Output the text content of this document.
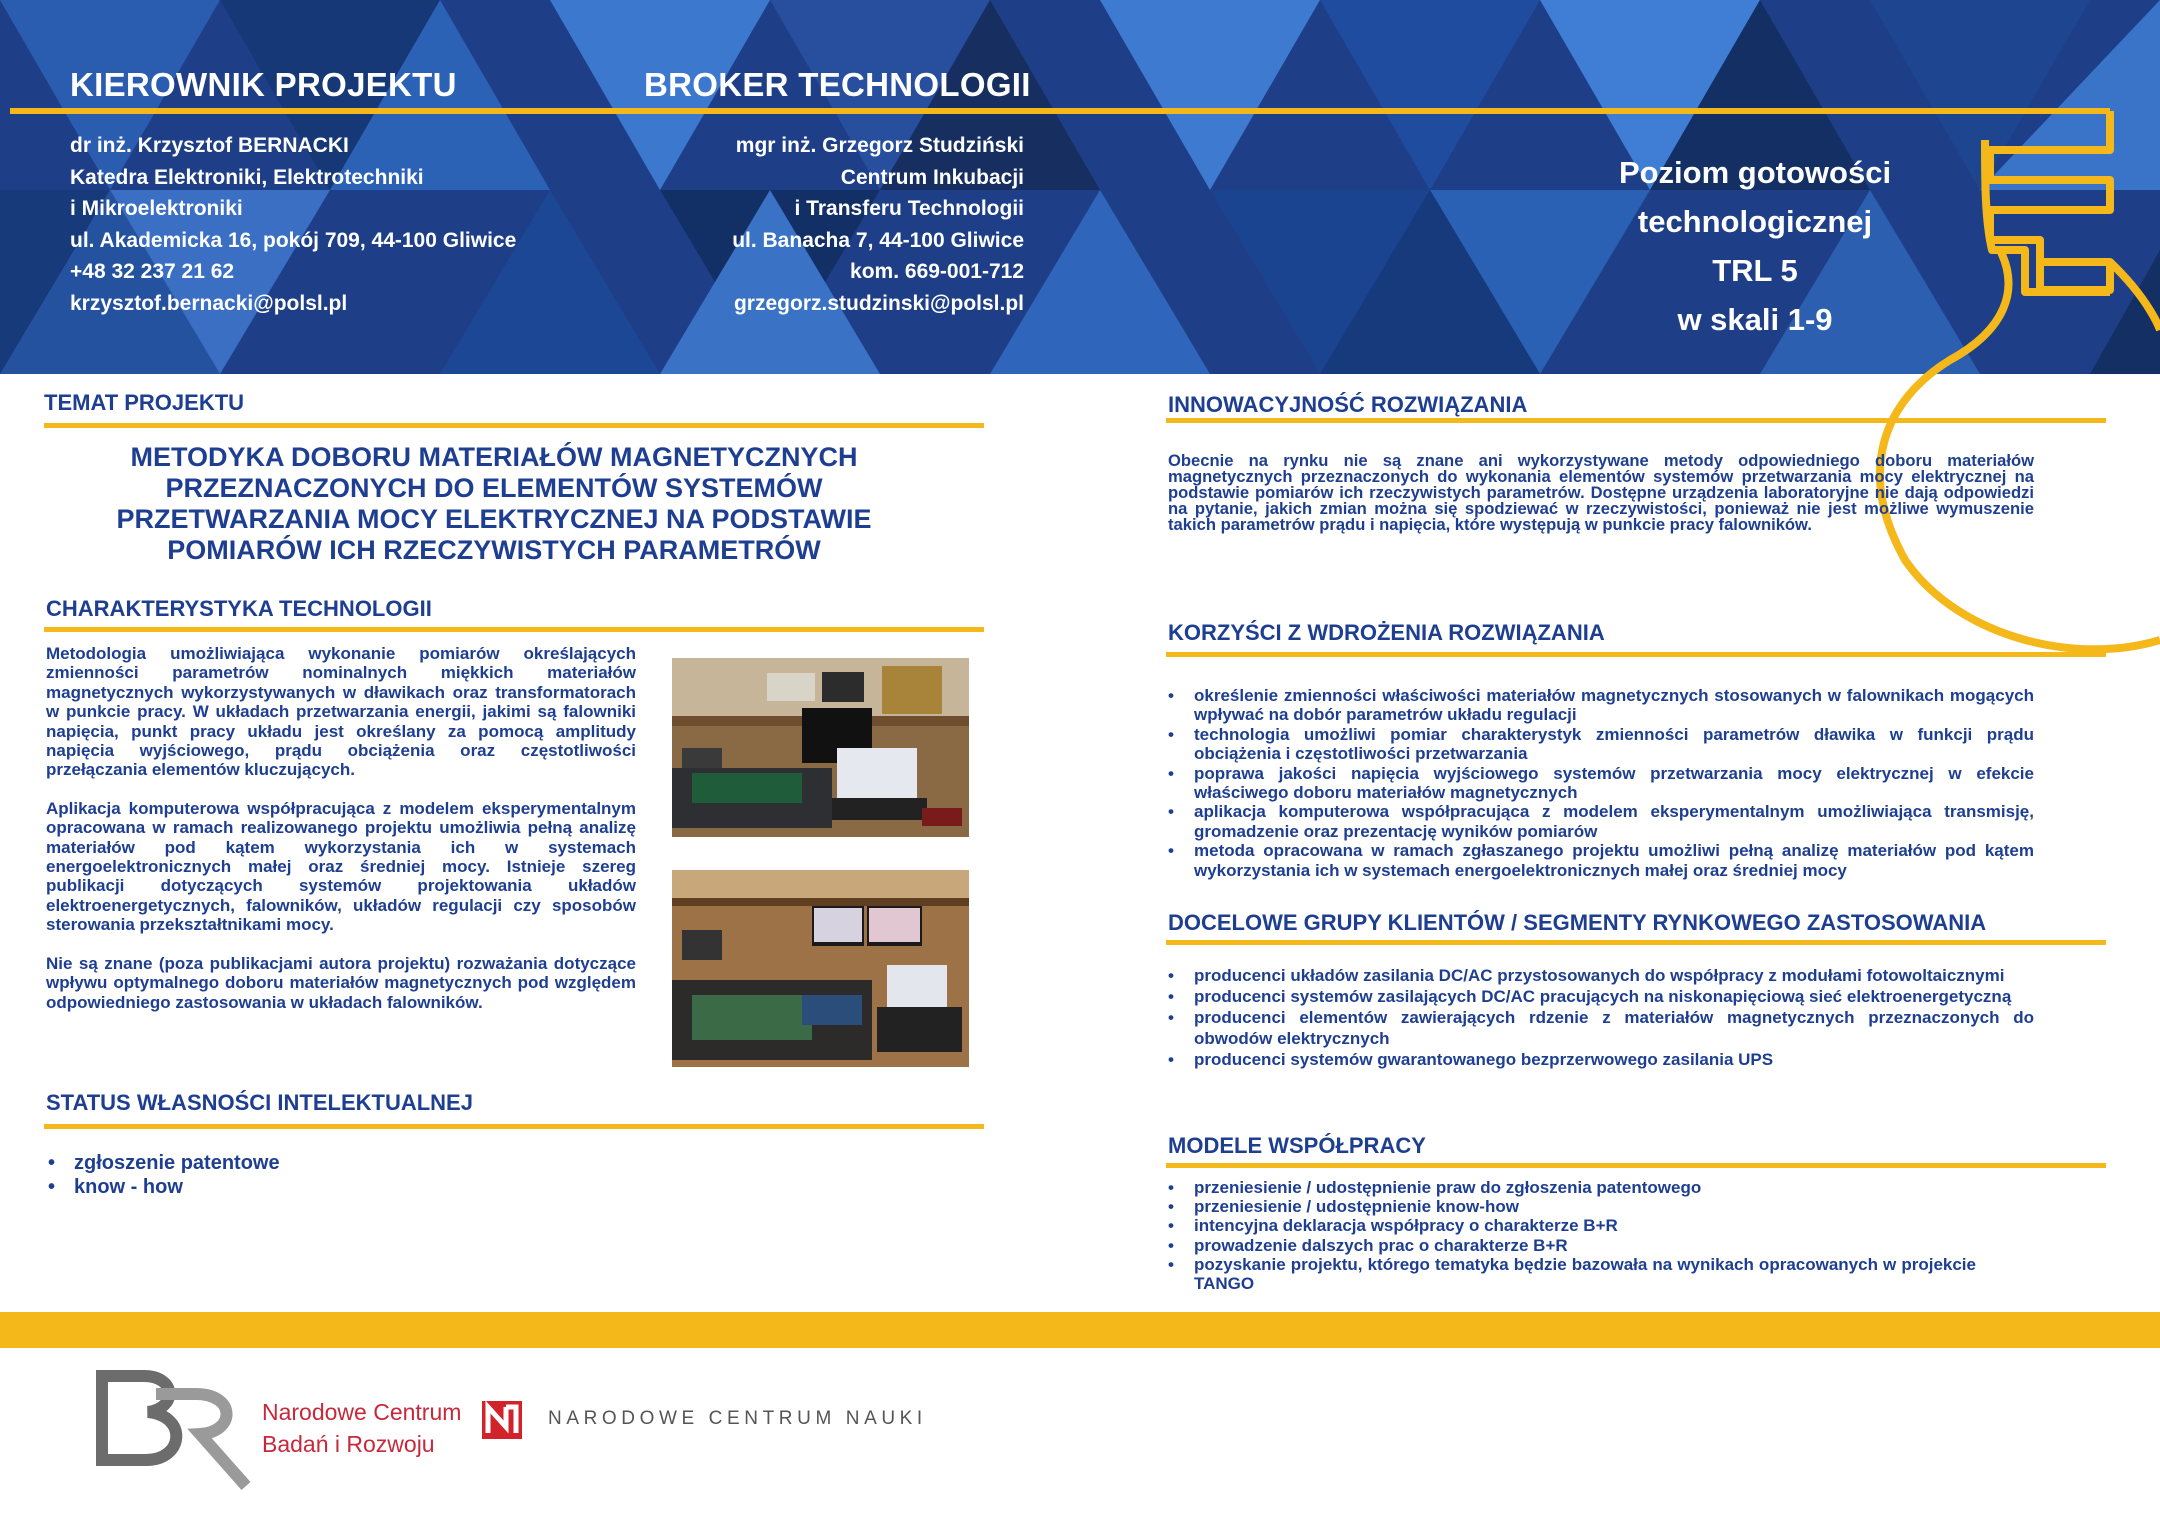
KIEROWNIK PROJEKTU	BROKER TECHNOLOGII
dr inż. Krzysztof BERNACKI
Katedra Elektroniki, Elektrotechniki
i Mikroelektroniki
ul. Akademicka 16, pokój 709, 44-100 Gliwice
+48 32 237 21 62
krzysztof.bernacki@polsl.pl
mgr inż. Grzegorz Studziński
Centrum Inkubacji
i Transferu Technologii
ul. Banacha 7, 44-100 Gliwice
kom. 669-001-712
grzegorz.studzinski@polsl.pl
Poziom gotowości
technologicznej
TRL 5
w skali 1-9
TEMAT PROJEKTU
METODYKA DOBORU MATERIAŁÓW MAGNETYCZNYCH
PRZEZNACZONYCH DO ELEMENTÓW SYSTEMÓW
PRZETWARZANIA MOCY ELEKTRYCZNEJ NA PODSTAWIE
POMIARÓW ICH RZECZYWISTYCH PARAMETRÓW
CHARAKTERYSTYKA TECHNOLOGII

Metodologia umożliwiająca wykonanie pomiarów określających zmienności parametrów nominalnych miękkich materiałów magnetycznych wykorzystywanych w dławikach oraz transformatorach w punkcie pracy. W układach przetwarzania energii, jakimi są falowniki napięcia, punkt pracy układu jest określany za pomocą amplitudy napięcia wyjściowego, prądu obciążenia oraz częstotliwości przełączania elementów kluczujących.

Aplikacja komputerowa współpracująca z modelem eksperymentalnym opracowana w ramach realizowanego projektu umożliwia pełną analizę materiałów pod kątem wykorzystania ich w systemach energoelektronicznych małej oraz średniej mocy. Istnieje szereg publikacji dotyczących systemów projektowania układów elektroenergetycznych, falowników, układów regulacji czy sposobów sterowania przekształtnikami mocy.

Nie są znane (poza publikacjami autora projektu) rozważania dotyczące wpływu optymalnego doboru materiałów magnetycznych pod względem odpowiedniego zastosowania w układach falowników.

STATUS WŁASNOŚCI INTELEKTUALNEJ
• zgłoszenie patentowe
• know - how
INNOWACYJNOŚĆ ROZWIĄZANIA
Obecnie na rynku nie są znane ani wykorzystywane metody odpowiedniego doboru materiałów magnetycznych przeznaczonych do wykonania elementów systemów przetwarzania mocy elektrycznej na podstawie pomiarów ich rzeczywistych parametrów. Dostępne urządzenia laboratoryjne nie dają odpowiedzi na pytanie, jakich zmian można się spodziewać w rzeczywistości, ponieważ nie jest możliwe wymuszenie takich parametrów prądu i napięcia, które występują w punkcie pracy falowników.
KORZYŚCI Z WDROŻENIA ROZWIĄZANIA
• określenie zmienności właściwości materiałów magnetycznych stosowanych w falownikach mogących wpływać na dobór parametrów układu regulacji
• technologia umożliwi pomiar charakterystyk zmienności parametrów dławika w funkcji prądu obciążenia i częstotliwości przetwarzania
• poprawa jakości napięcia wyjściowego systemów przetwarzania mocy elektrycznej w efekcie właściwego doboru materiałów magnetycznych
• aplikacja komputerowa współpracująca z modelem eksperymentalnym umożliwiająca transmisję, gromadzenie oraz prezentację wyników pomiarów
• metoda opracowana w ramach zgłaszanego projektu umożliwi pełną analizę materiałów pod kątem wykorzystania ich w systemach energoelektronicznych małej oraz średniej mocy
DOCELOWE GRUPY KLIENTÓW / SEGMENTY RYNKOWEGO ZASTOSOWANIA
• producenci układów zasilania DC/AC przystosowanych do współpracy z modułami fotowoltaicznymi
• producenci systemów zasilających DC/AC pracujących na niskonapięciową sieć elektroenergetyczną
• producenci elementów zawierających rdzenie z materiałów magnetycznych przeznaczonych do obwodów elektrycznych
• producenci systemów gwarantowanego bezprzerwowego zasilania UPS
MODELE WSPÓŁPRACY
• przeniesienie / udostępnienie praw do zgłoszenia patentowego
• przeniesienie / udostępnienie know-how
• intencyjna deklaracja współpracy o charakterze B+R
• prowadzenie dalszych prac o charakterze B+R
• pozyskanie projektu, którego tematyka będzie bazowała na wynikach opracowanych w projekcie TANGO
Narodowe Centrum
Badań i Rozwoju
NARODOWE CENTRUM NAUKI
